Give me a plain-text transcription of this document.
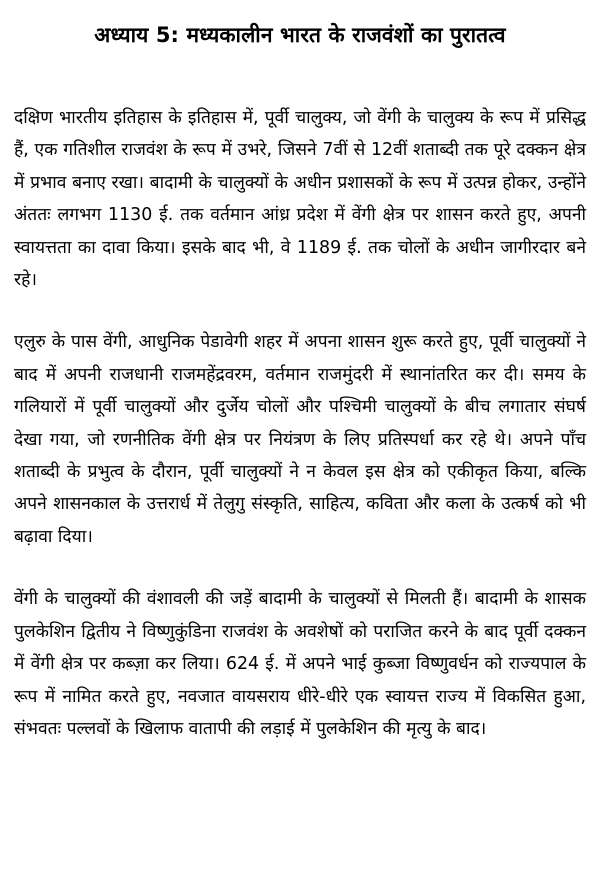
अध्याय 5: मध्यकालीन भारत के राजवंशों का पुरातत्व

दक्षिण भारतीय इतिहास के इतिहास में, पूर्वी चालुक्य, जो वेंगी के चालुक्य के रूप में प्रसिद्ध हैं, एक गतिशील राजवंश के रूप में उभरे, जिसने 7वीं से 12वीं शताब्दी तक पूरे दक्कन क्षेत्र में प्रभाव बनाए रखा। बादामी के चालुक्यों के अधीन प्रशासकों के रूप में उत्पन्न होकर, उन्होंने अंततः लगभग 1130 ई. तक वर्तमान आंध्र प्रदेश में वेंगी क्षेत्र पर शासन करते हुए, अपनी स्वायत्तता का दावा किया। इसके बाद भी, वे 1189 ई. तक चोलों के अधीन जागीरदार बने रहे।

एलुरु के पास वेंगी, आधुनिक पेडावेगी शहर में अपना शासन शुरू करते हुए, पूर्वी चालुक्यों ने बाद में अपनी राजधानी राजमहेंद्रवरम, वर्तमान राजमुंदरी में स्थानांतरित कर दी। समय के गलियारों में पूर्वी चालुक्यों और दुर्जेय चोलों और पश्चिमी चालुक्यों के बीच लगातार संघर्ष देखा गया, जो रणनीतिक वेंगी क्षेत्र पर नियंत्रण के लिए प्रतिस्पर्धा कर रहे थे। अपने पाँच शताब्दी के प्रभुत्व के दौरान, पूर्वी चालुक्यों ने न केवल इस क्षेत्र को एकीकृत किया, बल्कि अपने शासनकाल के उत्तरार्ध में तेलुगु संस्कृति, साहित्य, कविता और कला के उत्कर्ष को भी बढ़ावा दिया।

वेंगी के चालुक्यों की वंशावली की जड़ें बादामी के चालुक्यों से मिलती हैं। बादामी के शासक पुलकेशिन द्वितीय ने विष्णुकुंडिना राजवंश के अवशेषों को पराजित करने के बाद पूर्वी दक्कन में वेंगी क्षेत्र पर कब्ज़ा कर लिया। 624 ई. में अपने भाई कुब्जा विष्णुवर्धन को राज्यपाल के रूप में नामित करते हुए, नवजात वायसराय धीरे-धीरे एक स्वायत्त राज्य में विकसित हुआ, संभवतः पल्लवों के खिलाफ वातापी की लड़ाई में पुलकेशिन की मृत्यु के बाद।
